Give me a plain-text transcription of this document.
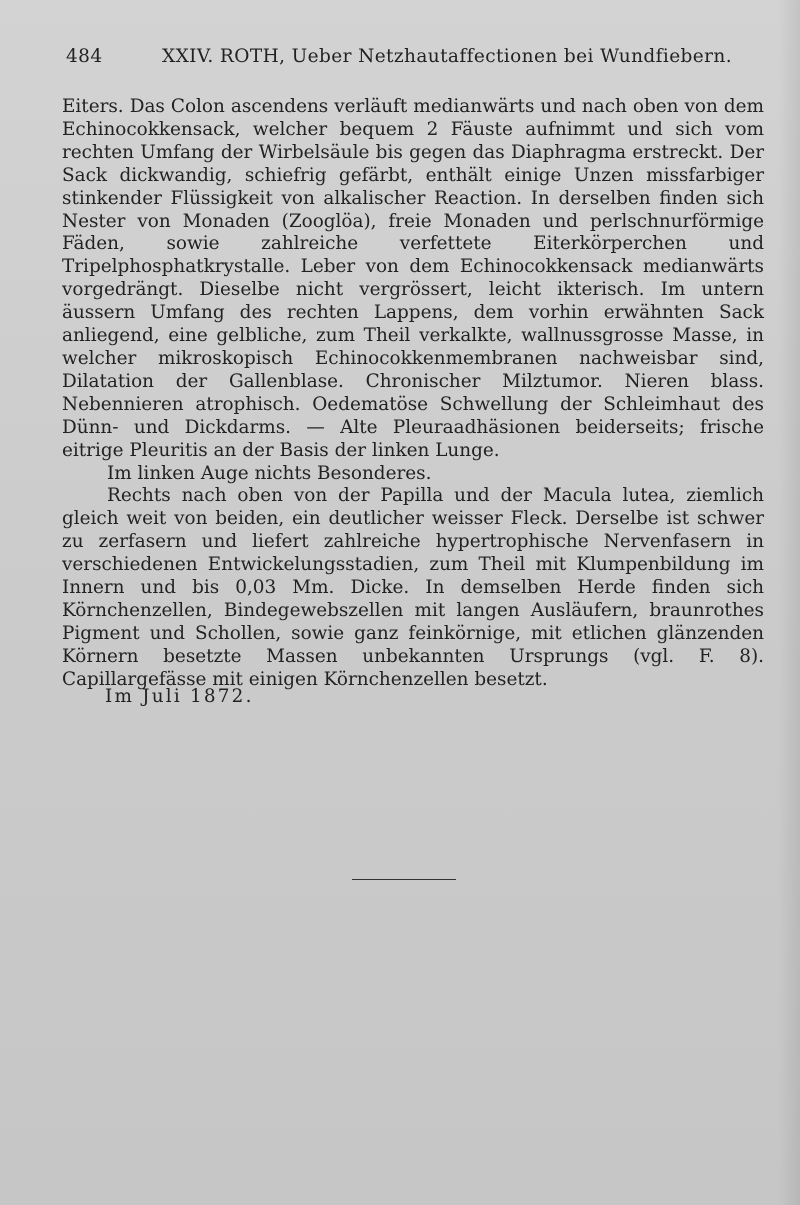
484	XXIV. ROTH, Ueber Netzhautaffectionen bei Wundfiebern.

Eiters. Das Colon ascendens verläuft medianwärts und nach oben von dem Echinocokkensack, welcher bequem 2 Fäuste aufnimmt und sich vom rechten Umfang der Wirbelsäule bis gegen das Diaphragma erstreckt. Der Sack dickwandig, schiefrig gefärbt, enthält einige Unzen missfarbiger stinkender Flüssigkeit von alkalischer Reaction. In derselben finden sich Nester von Monaden (Zooglöa), freie Monaden und perlschnurförmige Fäden, sowie zahlreiche verfettete Eiterkörperchen und Tripelphosphatkrystalle. Leber von dem Echinocokkensack medianwärts vorgedrängt. Dieselbe nicht vergrössert, leicht ikterisch. Im untern äussern Umfang des rechten Lappens, dem vorhin erwähnten Sack anliegend, eine gelbliche, zum Theil verkalkte, wallnussgrosse Masse, in welcher mikroskopisch Echinocokkenmembranen nachweisbar sind, Dilatation der Gallenblase. Chronischer Milztumor. Nieren blass. Nebennieren atrophisch. Oedematöse Schwellung der Schleimhaut des Dünn- und Dickdarms. — Alte Pleuraadhäsionen beiderseits; frische eitrige Pleuritis an der Basis der linken Lunge.

Im linken Auge nichts Besonderes.

Rechts nach oben von der Papilla und der Macula lutea, ziemlich gleich weit von beiden, ein deutlicher weisser Fleck. Derselbe ist schwer zu zerfasern und liefert zahlreiche hypertrophische Nervenfasern in verschiedenen Entwickelungsstadien, zum Theil mit Klumpenbildung im Innern und bis 0,03 Mm. Dicke. In demselben Herde finden sich Körnchenzellen, Bindegewebszellen mit langen Ausläufern, braunrothes Pigment und Schollen, sowie ganz feinkörnige, mit etlichen glänzenden Körnern besetzte Massen unbekannten Ursprungs (vgl. F. 8). Capillargefässe mit einigen Körnchenzellen besetzt.

Im Juli 1872.
